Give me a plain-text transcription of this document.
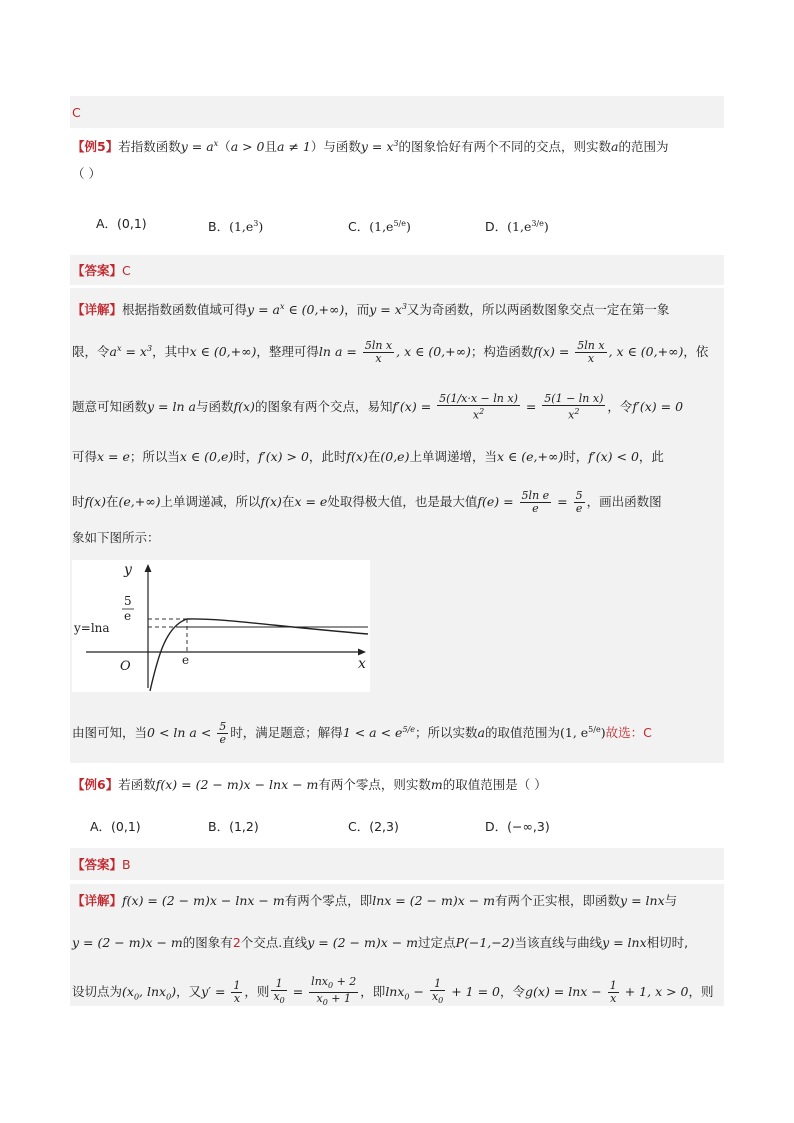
C
【例5】若指数函数$y = a^x(a > 0$且a ≠ 1）与函数$y = x^3$的图象恰好有两个不同的交点，则实数a的范围为
（ ）
A．(0,1)	B．$(1,e^3)$	C．$(1,e^{5/e})$	D．$(1,e^{3/e})$
【答案】C
【详解】根据指数函数值域可得$y = a^x$ ∈ (0,+∞)，而$y = x^3$又为奇函数，所以两函数图象交点一定在第一象
限，令$a^x = x^3$，其中x ∈ (0,+∞)，整理可得$\ln a = \frac{\text{5ln x}}{x}$ , x ∈ (0,+∞)；构造函数$f(x) = \frac{\text{5ln x}}{x}$ , x ∈ (0,+∞)，依
题意可知函数y = ln a与函数f(x)的图象有两个交点，易知$f'(x) = \frac{\text{5(1/x·x − ln x)}}{x^2} = \frac{\text{5(1 − ln x)}}{x^2}$ ，令f′(x) = 0
可得x = e；所以当x ∈ (0,e)时，f′(x) > 0，此时f(x)在(0,e)上单调递增，当x ∈ (e,+∞)时，f′(x) < 0，此
时f(x)在(e,+∞)上单调递减，所以f(x)在x = e处取得极大值，也是最大值$f(e) = \frac{\text{5ln e}}{e} = \frac{5}{e}$ ，画出函数图
象如下图所示：
y
x
O
5
e
y=lna
e
由图可知，当$0 < \ln a < \frac{5}{e}$ 时，满足题意；解得$1 < a < e^{5/e}$；所以实数a的取值范围为(1, $e^{5/e}$)故选：C
【例6】若函数f(x) = (2 − m)x − lnx − m有两个零点，则实数m的取值范围是（ ）
A．(0,1)	B．(1,2)	C．(2,3)	D．(−∞,3)
【答案】B
【详解】f(x) = (2 − m)x − lnx − m有两个零点，即lnx = (2 − m)x − m有两个正实根，即函数y = lnx与
y = (2 − m)x − m的图象有2个交点.直线y = (2 − m)x − m过定点P(−1,−2)当该直线与曲线y = lnx相切时,
设切点为($x_0$, lnx$_0$)，又$y' = \frac{1}{x}$ ，则 $\frac{1}{x_0} = \frac{\ln x_0 + 2}{x_0 + 1}$ ，即$\ln x_0 - \frac{1}{x_0} + 1 = 0$，令$g(x) = \ln x - \frac{1}{x} + 1$, x > 0，则
